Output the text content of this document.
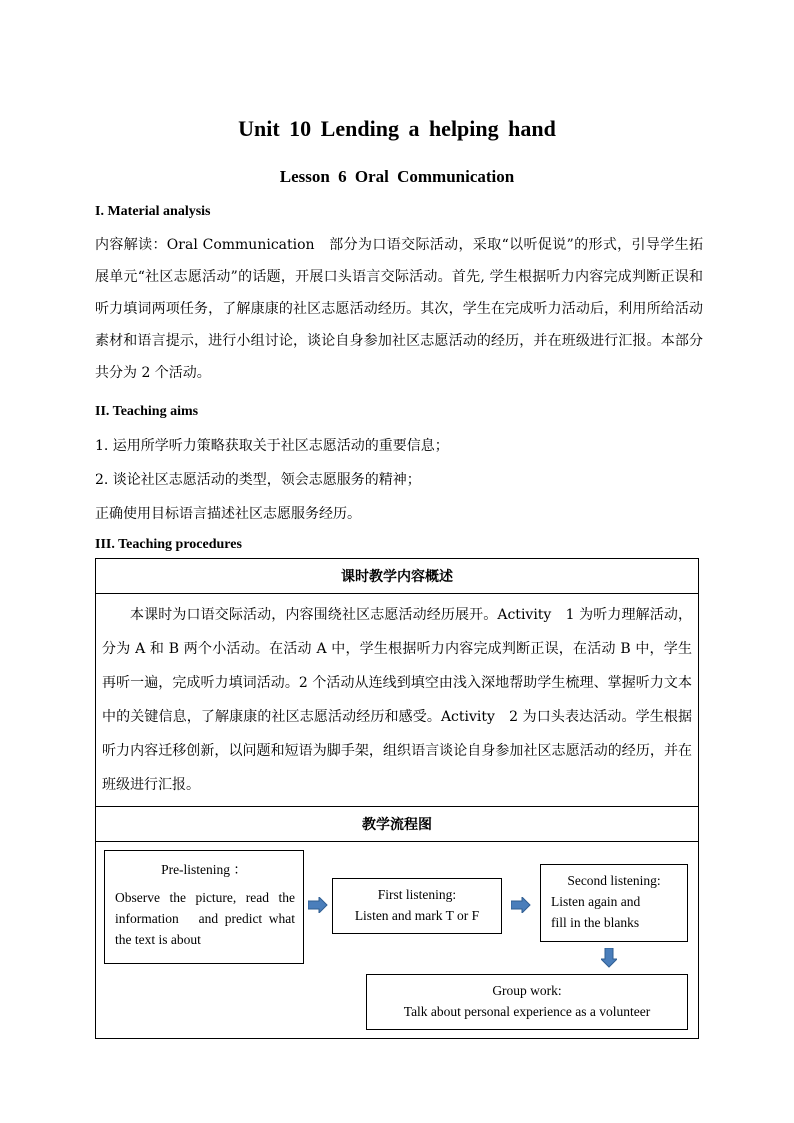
Unit 10 Lending a helping hand
Lesson 6 Oral Communication
I. Material analysis
内容解读：Oral Communication　部分为口语交际活动，采取“以听促说”的形式，引导学生拓展单元“社区志愿活动”的话题，开展口头语言交际活动。首先, 学生根据听力内容完成判断正误和听力填词两项任务，了解康康的社区志愿活动经历。其次，学生在完成听力活动后，利用所给活动素材和语言提示，进行小组讨论，谈论自身参加社区志愿活动的经历，并在班级进行汇报。本部分共分为 2 个活动。
II. Teaching aims
1. 运用所学听力策略获取关于社区志愿活动的重要信息；
2. 谈论社区志愿活动的类型，领会志愿服务的精神；
正确使用目标语言描述社区志愿服务经历。
III. Teaching procedures
课时教学内容概述
本课时为口语交际活动，内容围绕社区志愿活动经历展开。Activity　1 为听力理解活动，分为 A 和 B 两个小活动。在活动 A 中，学生根据听力内容完成判断正误，在活动 B 中，学生再听一遍，完成听力填词活动。2 个活动从连线到填空由浅入深地帮助学生梳理、掌握听力文本中的关键信息，了解康康的社区志愿活动经历和感受。Activity　2 为口头表达活动。学生根据听力内容迁移创新，以问题和短语为脚手架，组织语言谈论自身参加社区志愿活动的经历，并在班级进行汇报。
教学流程图

Pre-listening ：
Observe the picture, read the information　and predict what the text is about
First listening:
Listen and mark T or F
Second listening:
Listen again and fill in the blanks
Group work:
Talk about personal experience as a volunteer
